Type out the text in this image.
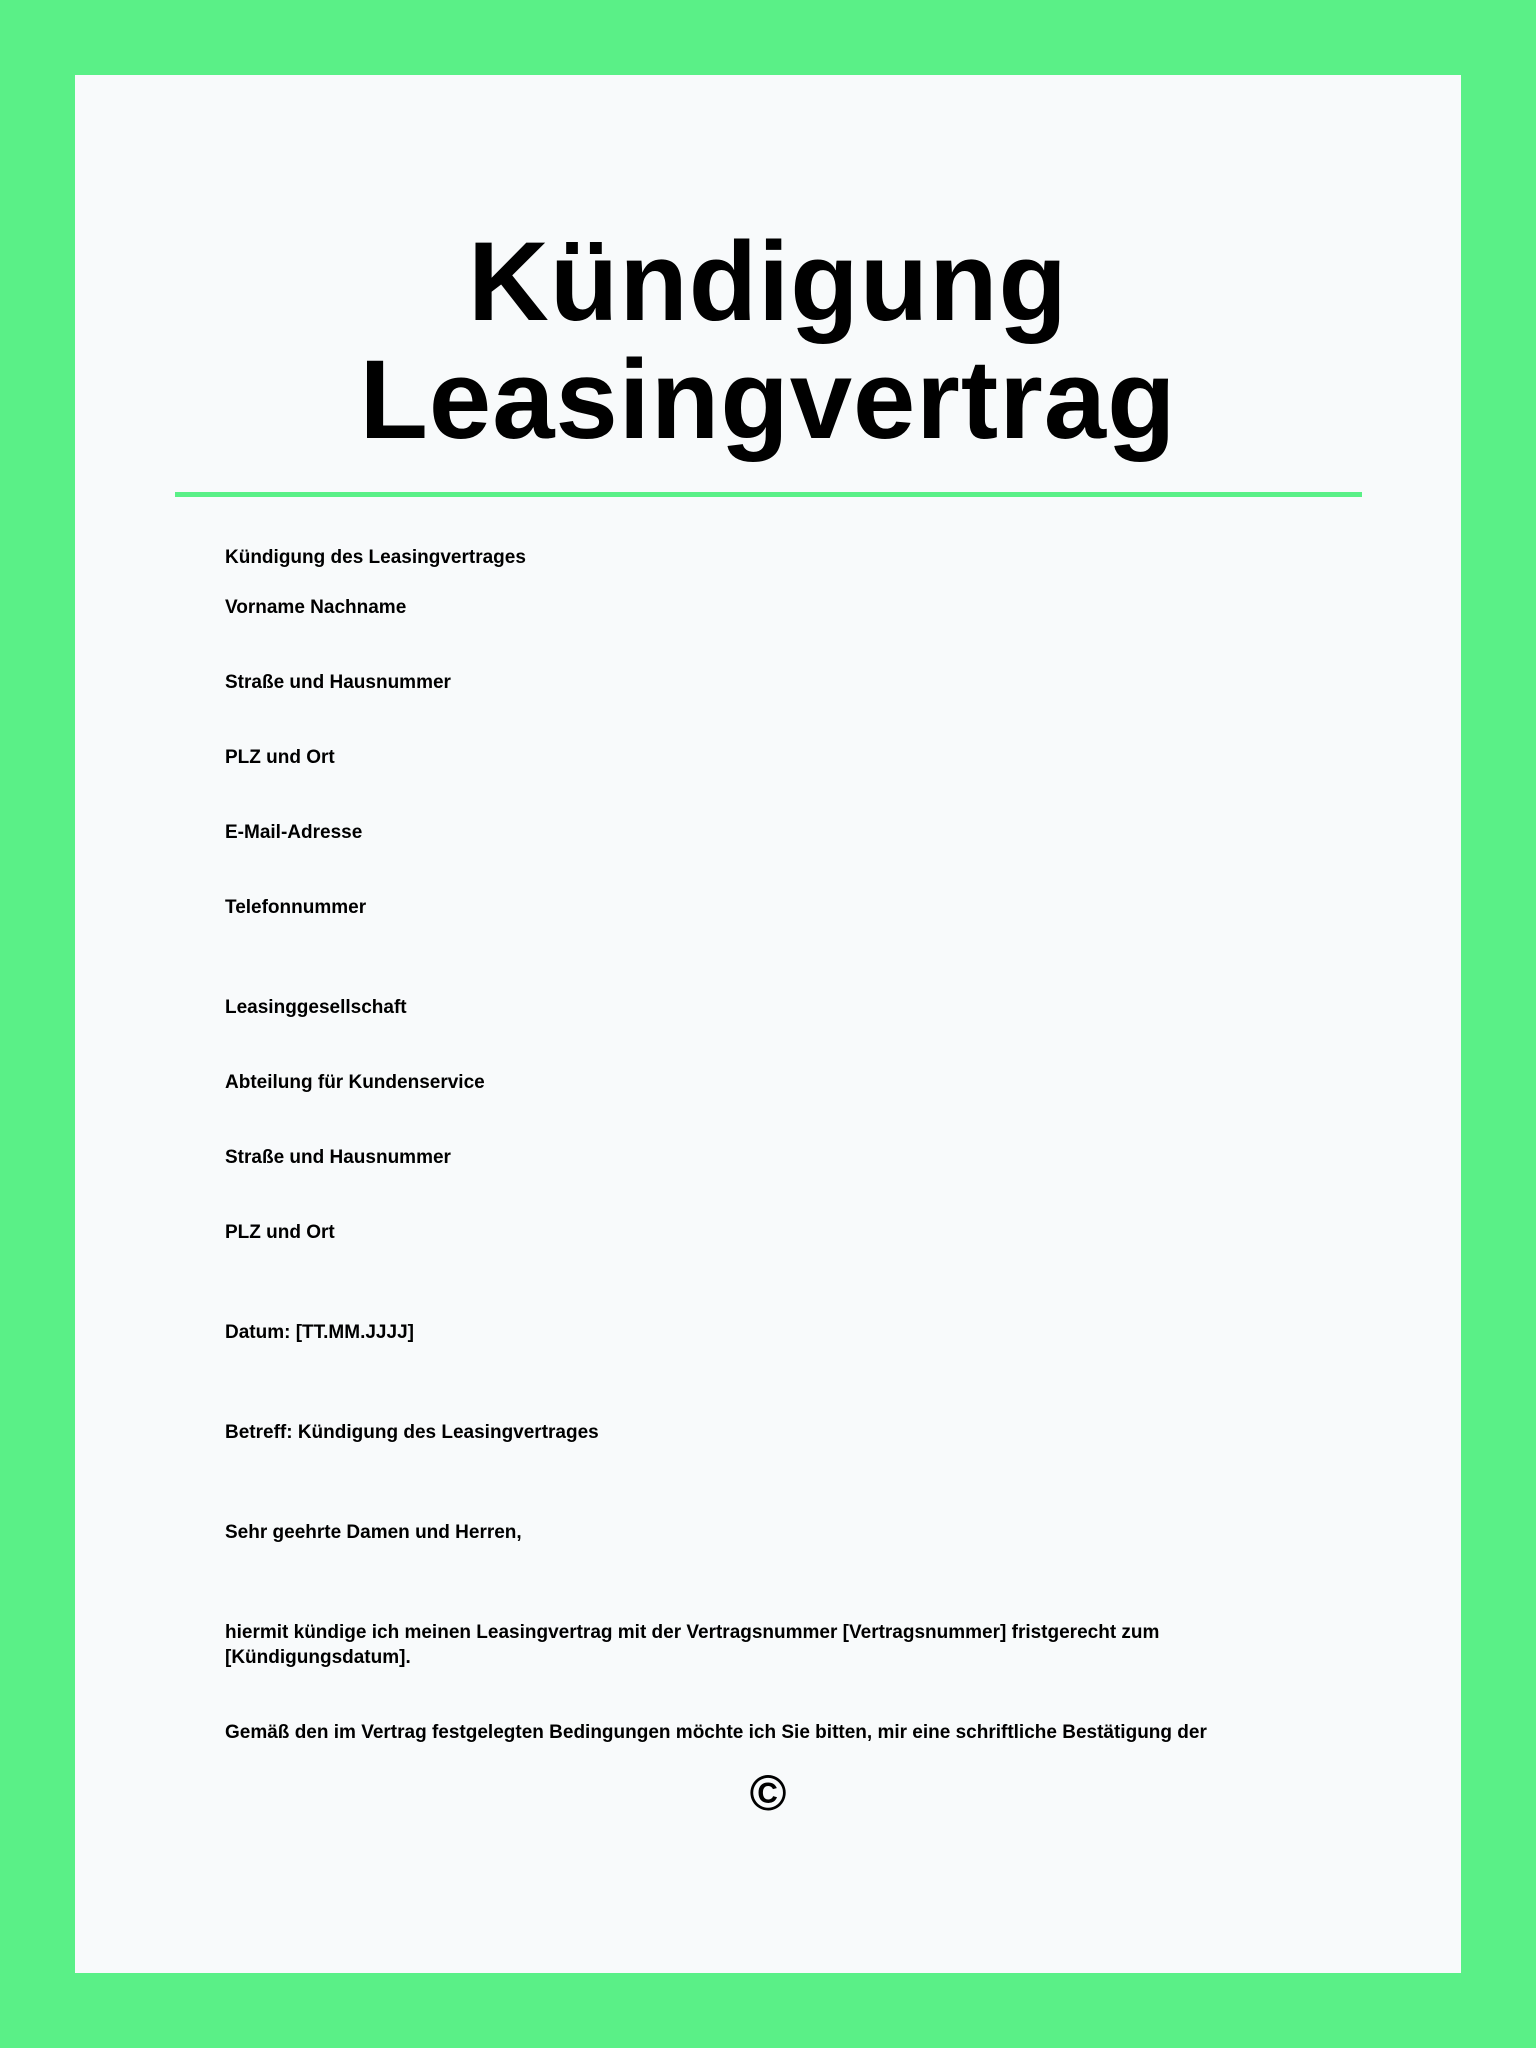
Kündigung
Leasingvertrag

Kündigung des Leasingvertrages

Vorname Nachname

Straße und Hausnummer

PLZ und Ort

E-Mail-Adresse

Telefonnummer

Leasinggesellschaft

Abteilung für Kundenservice

Straße und Hausnummer

PLZ und Ort

Datum: [TT.MM.JJJJ]

Betreff: Kündigung des Leasingvertrages

Sehr geehrte Damen und Herren,

hiermit kündige ich meinen Leasingvertrag mit der Vertragsnummer [Vertragsnummer] fristgerecht zum [Kündigungsdatum].

Gemäß den im Vertrag festgelegten Bedingungen möchte ich Sie bitten, mir eine schriftliche Bestätigung der

©
